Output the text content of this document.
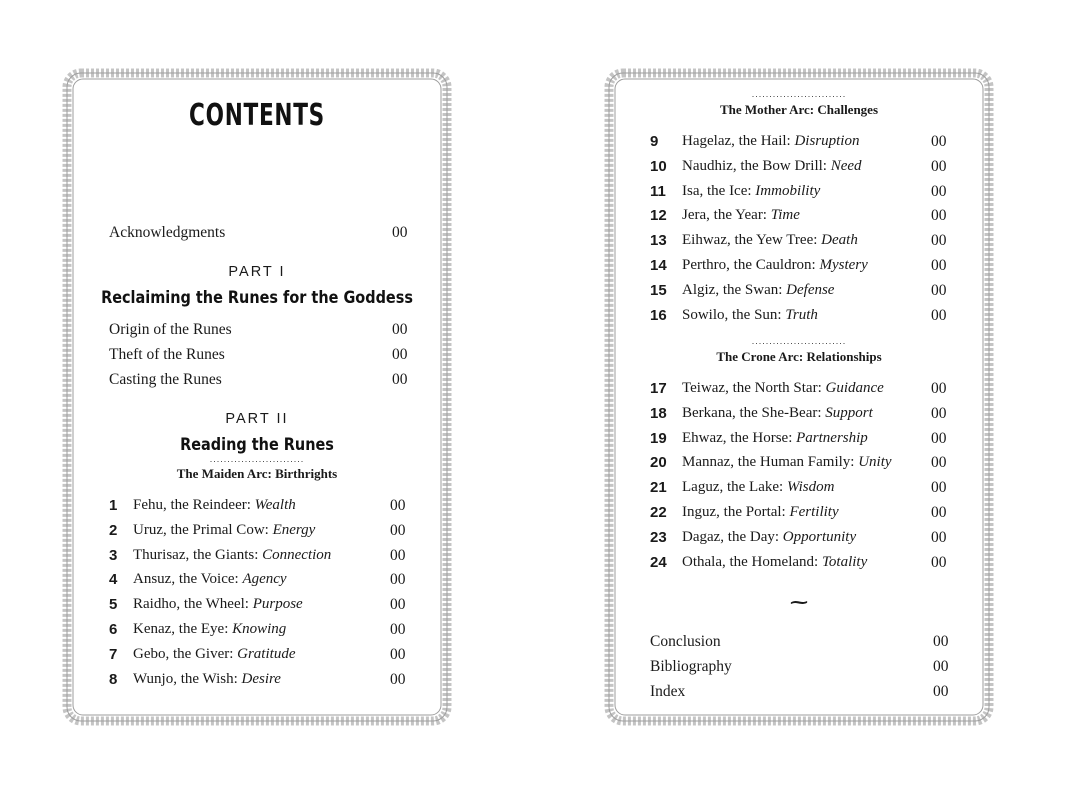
CONTENTS
Acknowledgments	00
PART I
Reclaiming the Runes for the Goddess
Origin of the Runes	00
Theft of the Runes	00
Casting the Runes	00
PART II
Reading the Runes
...........................
The Maiden Arc: Birthrights
1 Fehu, the Reindeer: Wealth	00
2 Uruz, the Primal Cow: Energy	00
3 Thurisaz, the Giants: Connection	00
4 Ansuz, the Voice: Agency	00
5 Raidho, the Wheel: Purpose	00
6 Kenaz, the Eye: Knowing	00
7 Gebo, the Giver: Gratitude	00
8 Wunjo, the Wish: Desire	00
...........................
The Mother Arc: Challenges
9 Hagelaz, the Hail: Disruption	00
10 Naudhiz, the Bow Drill: Need	00
11 Isa, the Ice: Immobility	00
12 Jera, the Year: Time	00
13 Eihwaz, the Yew Tree: Death	00
14 Perthro, the Cauldron: Mystery	00
15 Algiz, the Swan: Defense	00
16 Sowilo, the Sun: Truth	00
...........................
The Crone Arc: Relationships
17 Teiwaz, the North Star: Guidance	00
18 Berkana, the She-Bear: Support	00
19 Ehwaz, the Horse: Partnership	00
20 Mannaz, the Human Family: Unity	00
21 Laguz, the Lake: Wisdom	00
22 Inguz, the Portal: Fertility	00
23 Dagaz, the Day: Opportunity	00
24 Othala, the Homeland: Totality	00
⁓
Conclusion	00
Bibliography	00
Index	00
